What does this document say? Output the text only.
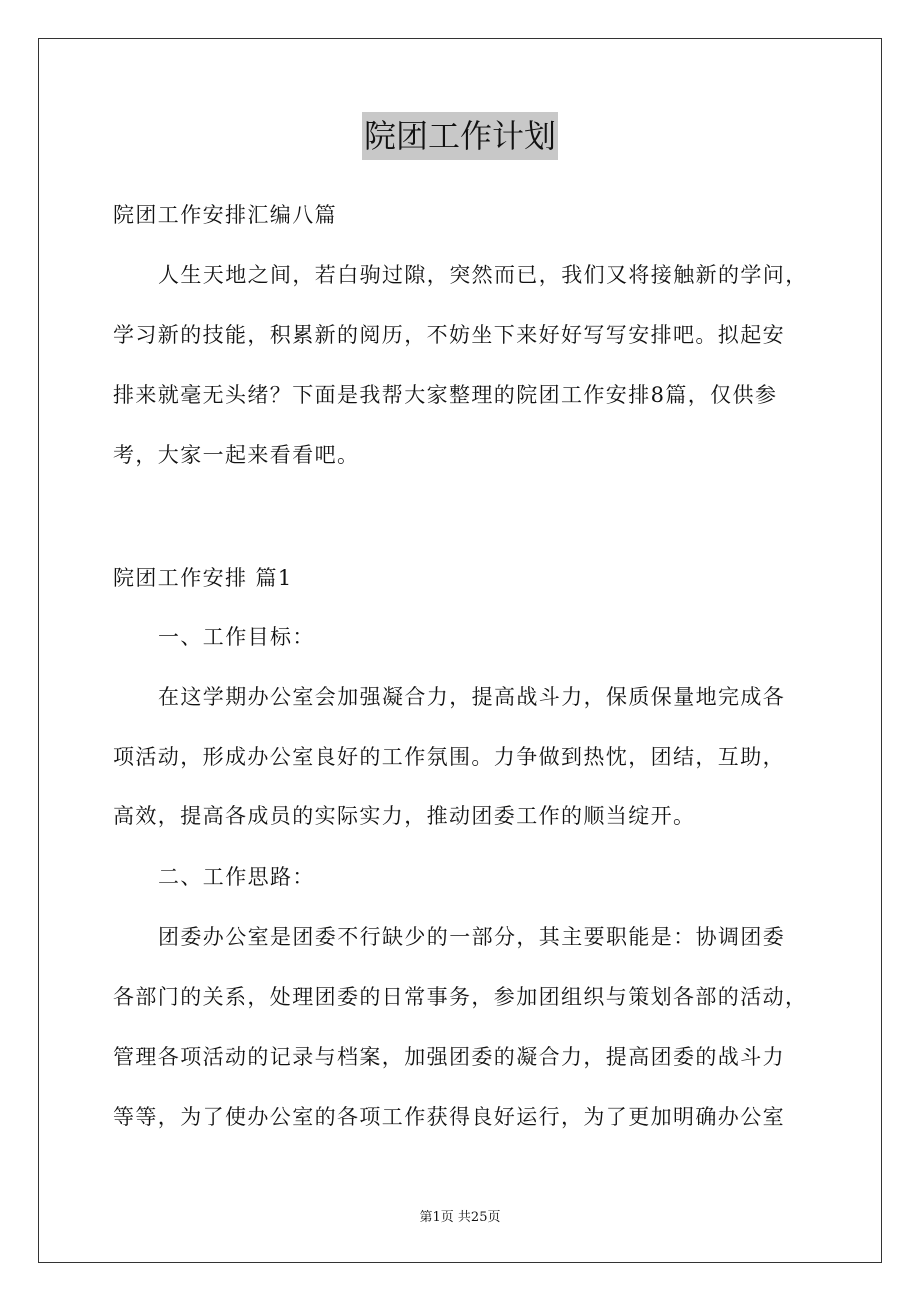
院团工作计划
院团工作安排汇编八篇
人生天地之间，若白驹过隙，突然而已，我们又将接触新的学问，
学习新的技能，积累新的阅历，不妨坐下来好好写写安排吧。拟起安
排来就毫无头绪？下面是我帮大家整理的院团工作安排8篇，仅供参
考，大家一起来看看吧。
院团工作安排 篇1
一、工作目标：
在这学期办公室会加强凝合力，提高战斗力，保质保量地完成各
项活动，形成办公室良好的工作氛围。力争做到热忱，团结，互助，
高效，提高各成员的实际实力，推动团委工作的顺当绽开。
二、工作思路：
团委办公室是团委不行缺少的一部分，其主要职能是：协调团委
各部门的关系，处理团委的日常事务，参加团组织与策划各部的活动，
管理各项活动的记录与档案，加强团委的凝合力，提高团委的战斗力
等等，为了使办公室的各项工作获得良好运行，为了更加明确办公室
第1页 共25页
